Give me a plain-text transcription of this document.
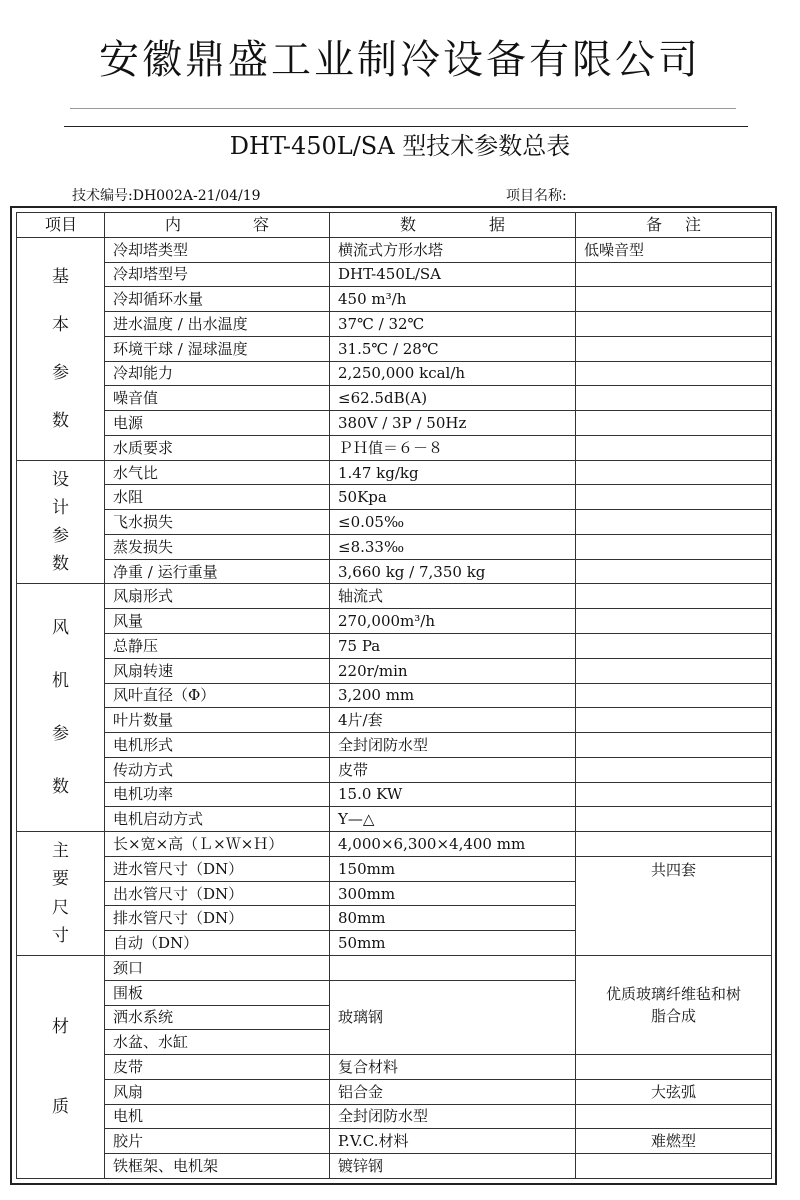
安徽鼎盛工业制冷设备有限公司
DHT-450L/SA 型技术参数总表
技术编号:DH002A-21/04/19	项目名称:
项 目	内 容	数 据	备 注

基
本
参
数	冷却塔类型	横流式方形水塔	低噪音型
	冷却塔型号	DHT-450L/SA	
	冷却循环水量	450 m³/h	
	进水温度 / 出水温度	37℃ / 32℃	
	环境干球 / 湿球温度	31.5℃ / 28℃	
	冷却能力	2,250,000 kcal/h	
	噪音值	≤62.5dB(A)	
	电源	380V / 3P / 50Hz	
	水质要求	ＰＨ值＝６－８	

设
计
参
数	水气比	1.47 kg/kg	
	水阻	50Kpa	
	飞水损失	≤0.05‰	
	蒸发损失	≤8.33‰	
	净重 / 运行重量	3,660 kg / 7,350 kg	

风
机
参
数	风扇形式	轴流式	
	风量	270,000m³/h	
	总静压	75 Pa	
	风扇转速	220r/min	
	风叶直径（Φ）	3,200 mm	
	叶片数量	4片/套	
	电机形式	全封闭防水型	
	传动方式	皮带	
	电机功率	15.0 KW	
	电机启动方式	Y—△	

主
要
尺
寸	长×宽×高（Ｌ×Ｗ×Ｈ）	4,000×6,300×4,400 mm	
	进水管尺寸（DN）	150mm	共四套
	出水管尺寸（DN）	300mm	
	排水管尺寸（DN）	80mm	
	自动（DN）	50mm	

材
质	颈口		优质玻璃纤维毡和树脂合成
	围板	玻璃钢	
	洒水系统		
	水盆、水缸		
	皮带	复合材料	
	风扇	铝合金	大弦弧
	电机	全封闭防水型	
	胶片	P.V.C.材料	难燃型
	铁框架、电机架	镀锌钢	
